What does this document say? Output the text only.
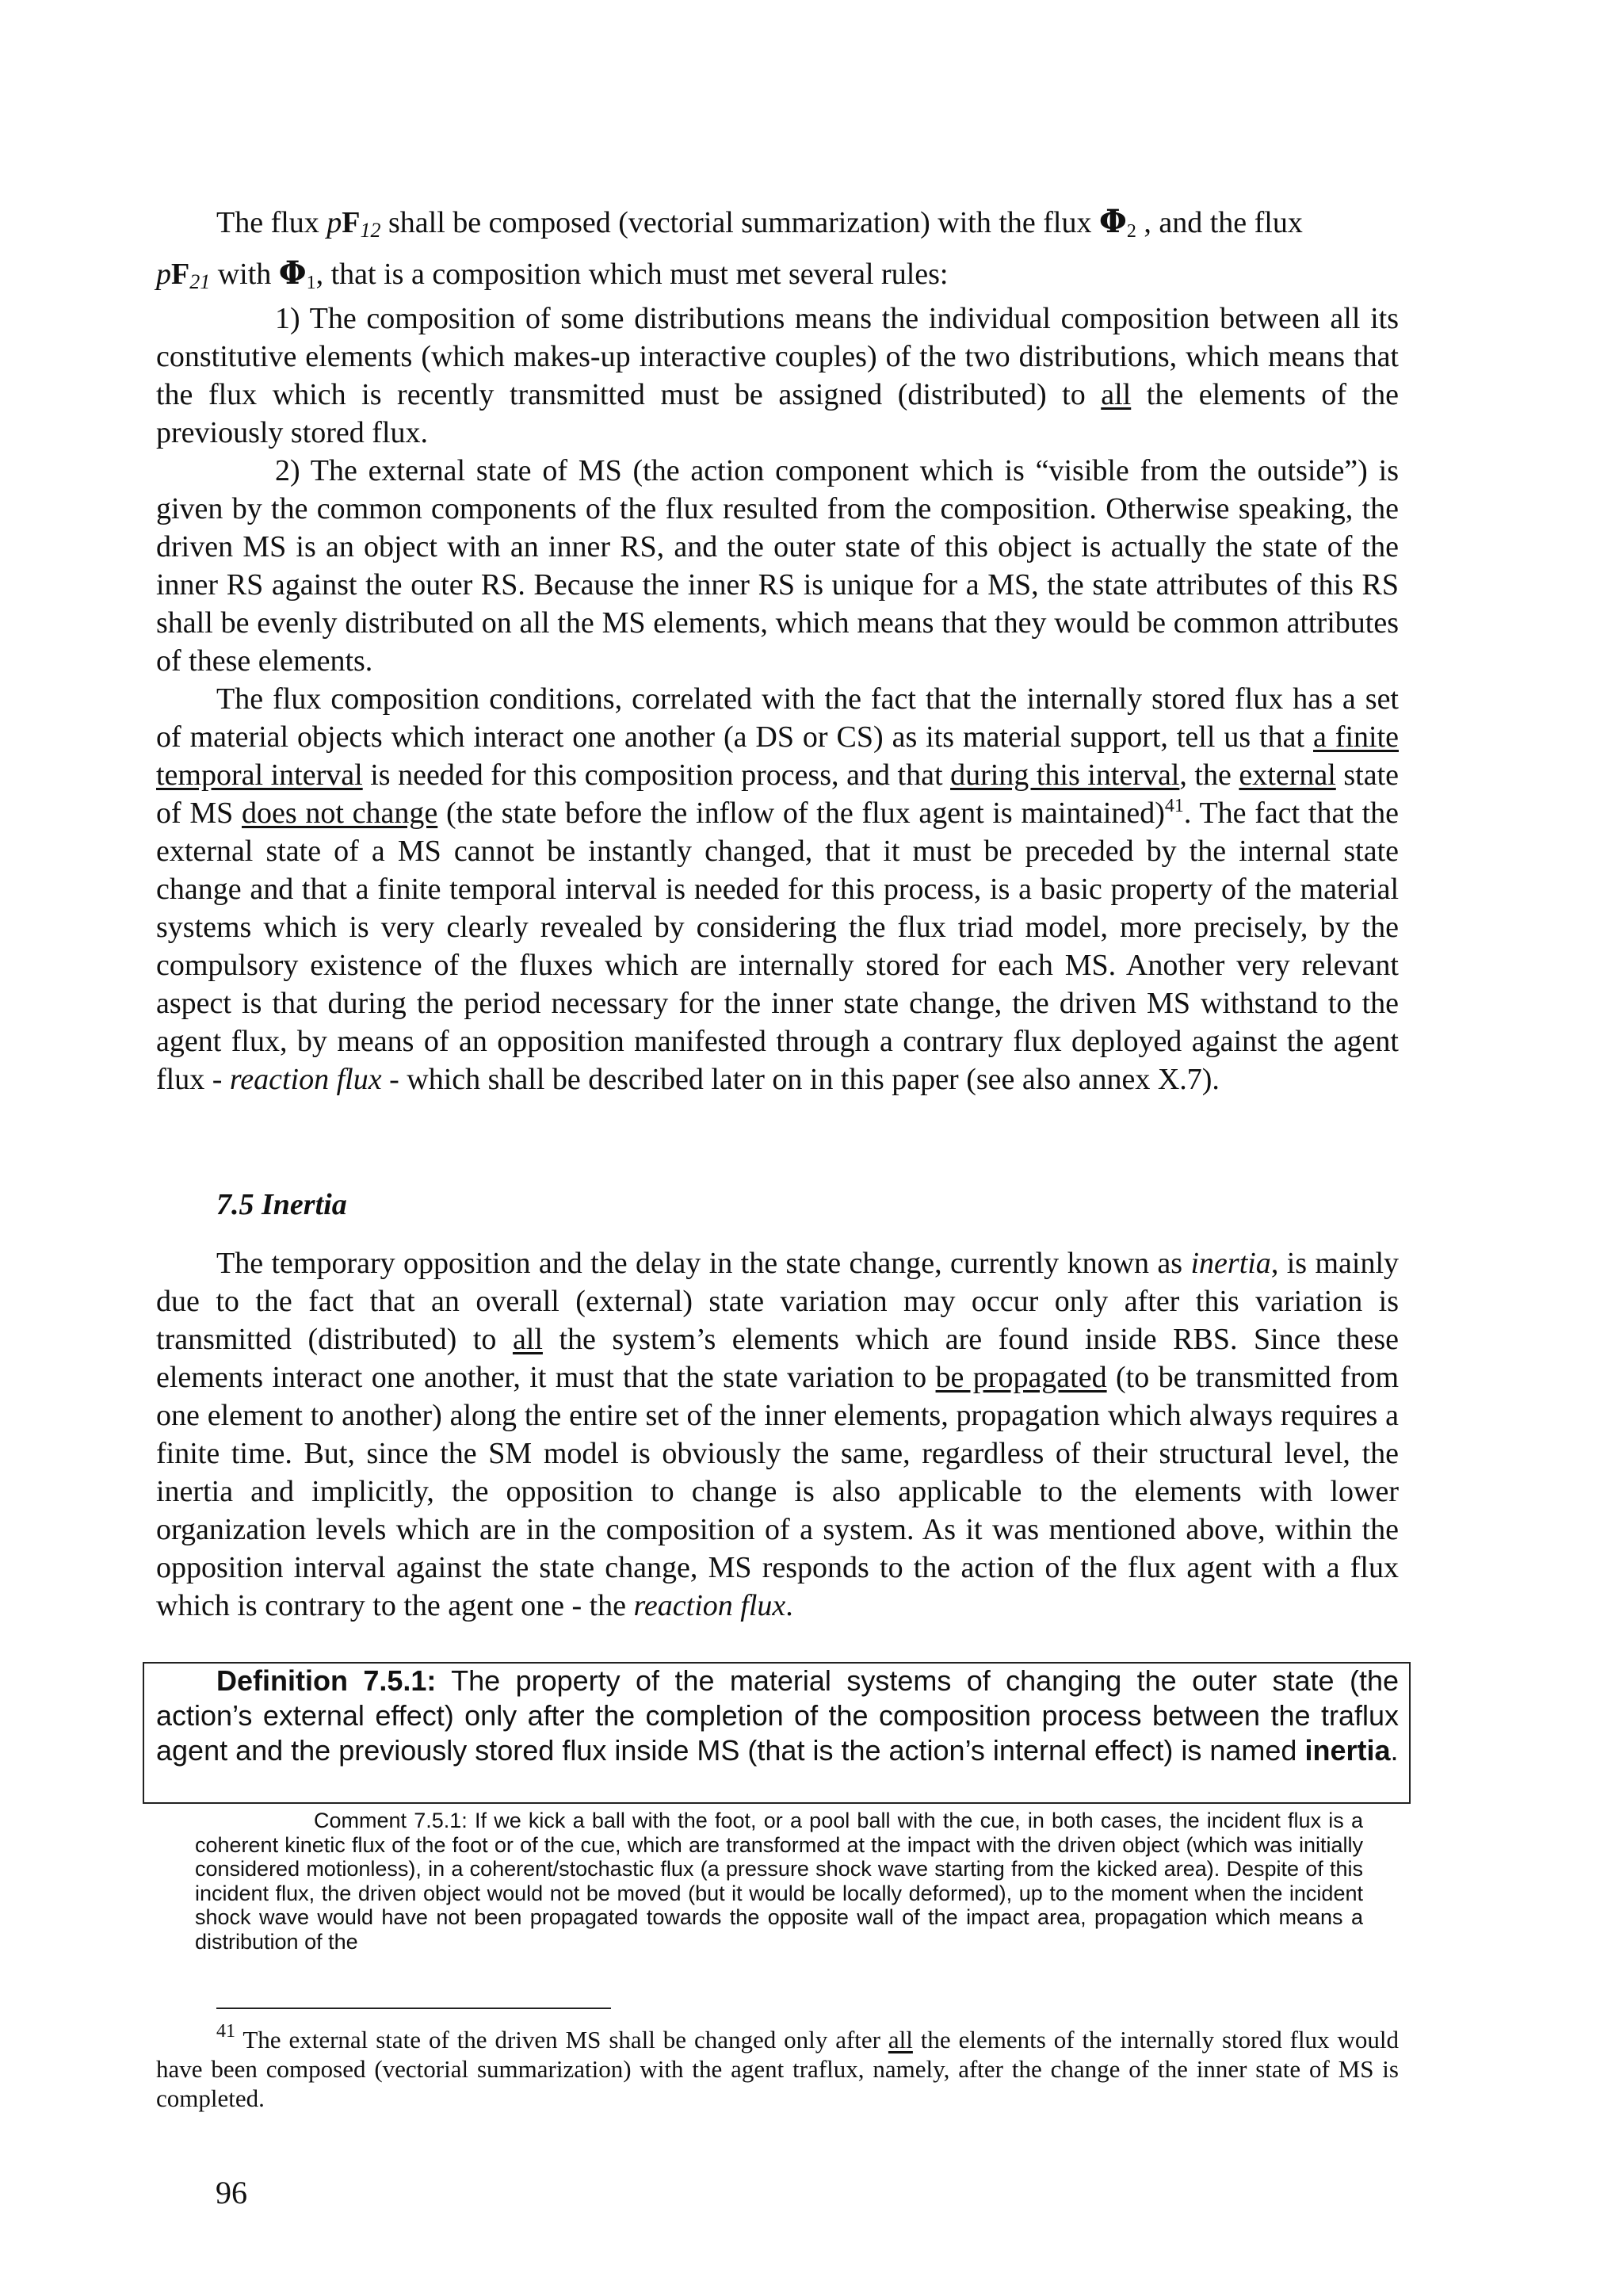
The flux $pF_{12}$ shall be composed (vectorial summarization) with the flux $\Phi_2$ , and the flux
$pF_{21}$ with $\Phi_1$, that is a composition which must met several rules:

1) The composition of some distributions means the individual composition between all its constitutive elements (which makes-up interactive couples) of the two distributions, which means that the flux which is recently transmitted must be assigned (distributed) to all the elements of the previously stored flux.

2) The external state of MS (the action component which is “visible from the outside”) is given by the common components of the flux resulted from the composition. Otherwise speaking, the driven MS is an object with an inner RS, and the outer state of this object is actually the state of the inner RS against the outer RS. Because the inner RS is unique for a MS, the state attributes of this RS shall be evenly distributed on all the MS elements, which means that they would be common attributes of these elements.

The flux composition conditions, correlated with the fact that the internally stored flux has a set of material objects which interact one another (a DS or CS) as its material support, tell us that a finite temporal interval is needed for this composition process, and that during this interval, the external state of MS does not change (the state before the inflow of the flux agent is maintained)$^{41}$. The fact that the external state of a MS cannot be instantly changed, that it must be preceded by the internal state change and that a finite temporal interval is needed for this process, is a basic property of the material systems which is very clearly revealed by considering the flux triad model, more precisely, by the compulsory existence of the fluxes which are internally stored for each MS. Another very relevant aspect is that during the period necessary for the inner state change, the driven MS withstand to the agent flux, by means of an opposition manifested through a contrary flux deployed against the agent flux - reaction flux - which shall be described later on in this paper (see also annex X.7).

7.5 Inertia

The temporary opposition and the delay in the state change, currently known as inertia, is mainly due to the fact that an overall (external) state variation may occur only after this variation is transmitted (distributed) to all the system’s elements which are found inside RBS. Since these elements interact one another, it must that the state variation to be propagated (to be transmitted from one element to another) along the entire set of the inner elements, propagation which always requires a finite time. But, since the SM model is obviously the same, regardless of their structural level, the inertia and implicitly, the opposition to change is also applicable to the elements with lower organization levels which are in the composition of a system. As it was mentioned above, within the opposition interval against the state change, MS responds to the action of the flux agent with a flux which is contrary to the agent one - the reaction flux.

Definition 7.5.1: The property of the material systems of changing the outer state (the action’s external effect) only after the completion of the composition process between the traflux agent and the previously stored flux inside MS (that is the action’s internal effect) is named inertia.

Comment 7.5.1: If we kick a ball with the foot, or a pool ball with the cue, in both cases, the incident flux is a coherent kinetic flux of the foot or of the cue, which are transformed at the impact with the driven object (which was initially considered motionless), in a coherent/stochastic flux (a pressure shock wave starting from the kicked area). Despite of this incident flux, the driven object would not be moved (but it would be locally deformed), up to the moment when the incident shock wave would have not been propagated towards the opposite wall of the impact area, propagation which means a distribution of the

$^{41}$ The external state of the driven MS shall be changed only after all the elements of the internally stored flux would have been composed (vectorial summarization) with the agent traflux, namely, after the change of the inner state of MS is completed.

96
